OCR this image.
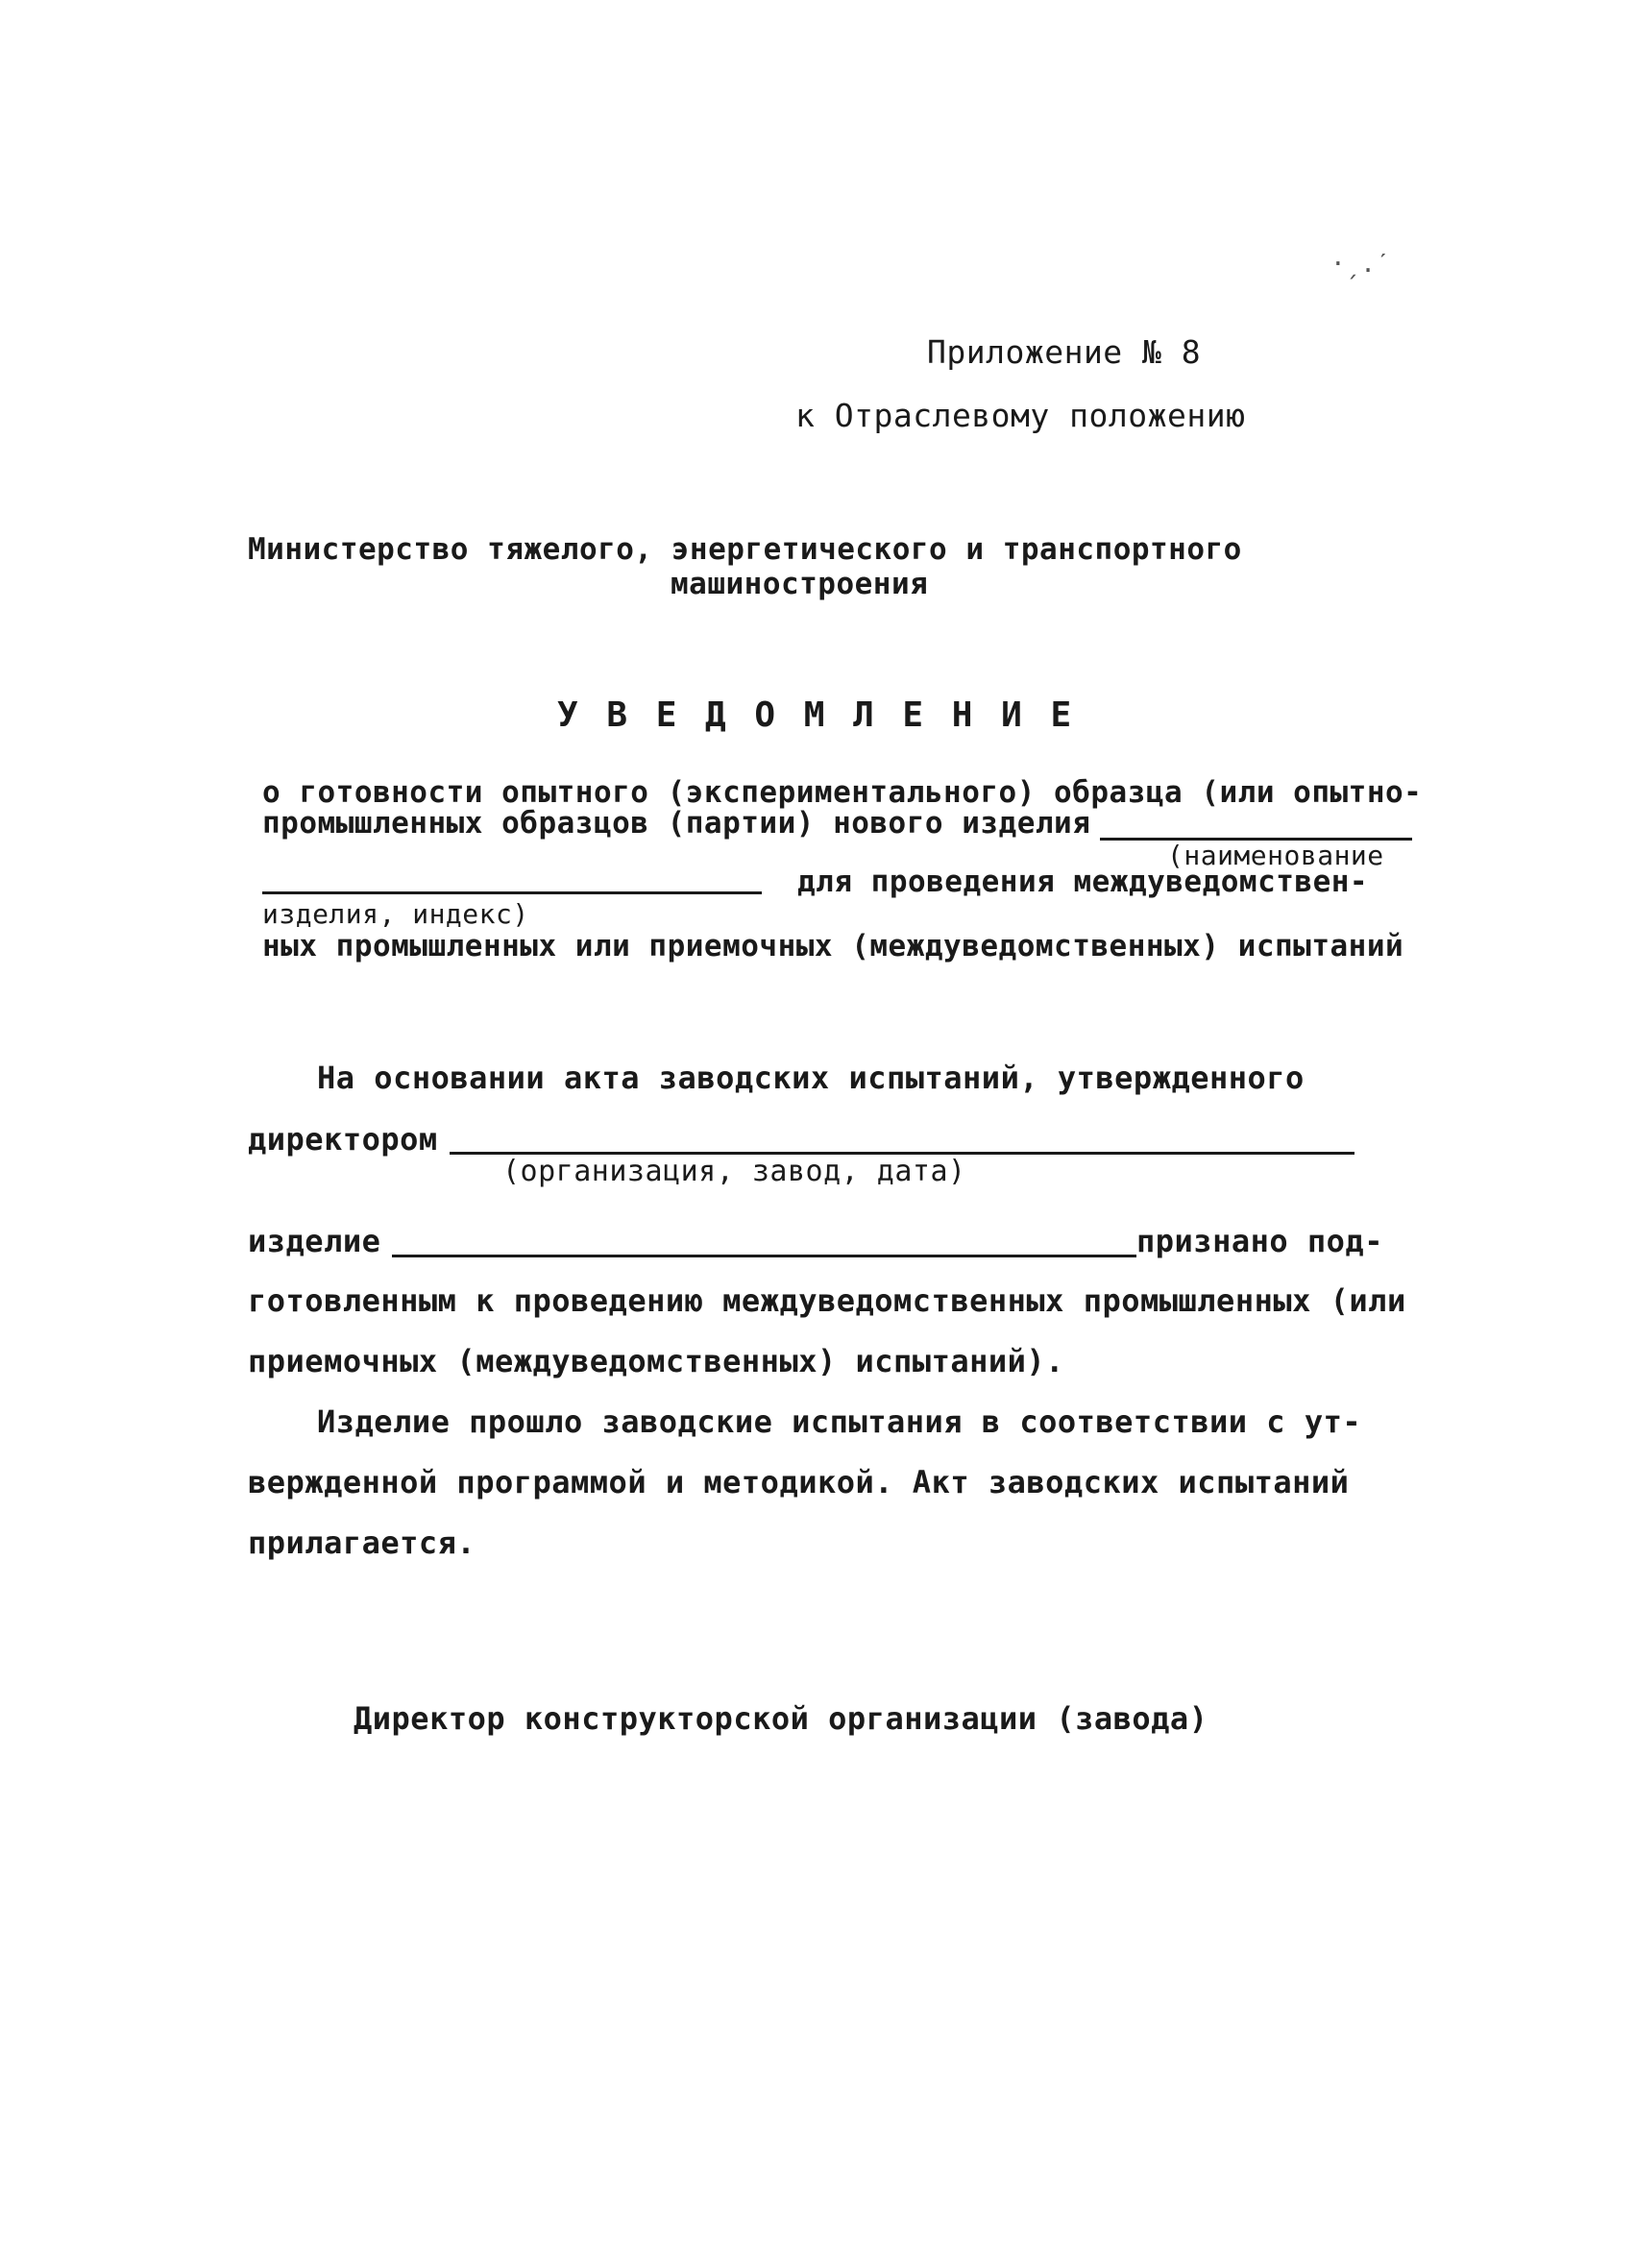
·̗ .ˊ
Приложение № 8
к Отраслевому положению
Министерство тяжелого, энергетического и транспортного
машиностроения
У В Е Д О М Л Е Н И Е
о готовности опытного (экспериментального) образца (или опытно-
промышленных образцов (партии) нового изделия
(наименование
для проведения междуведомствен-
изделия, индекс)
ных промышленных или приемочных (междуведомственных) испытаний
На основании акта заводских испытаний, утвержденного
директором
(организация, завод, дата)
изделие	признано под-
готовленным к проведению междуведомственных промышленных (или
приемочных (междуведомственных) испытаний).
Изделие прошло заводские испытания в соответствии с ут-
вержденной программой и методикой. Акт заводских испытаний
прилагается.
Директор конструкторской организации (завода)
